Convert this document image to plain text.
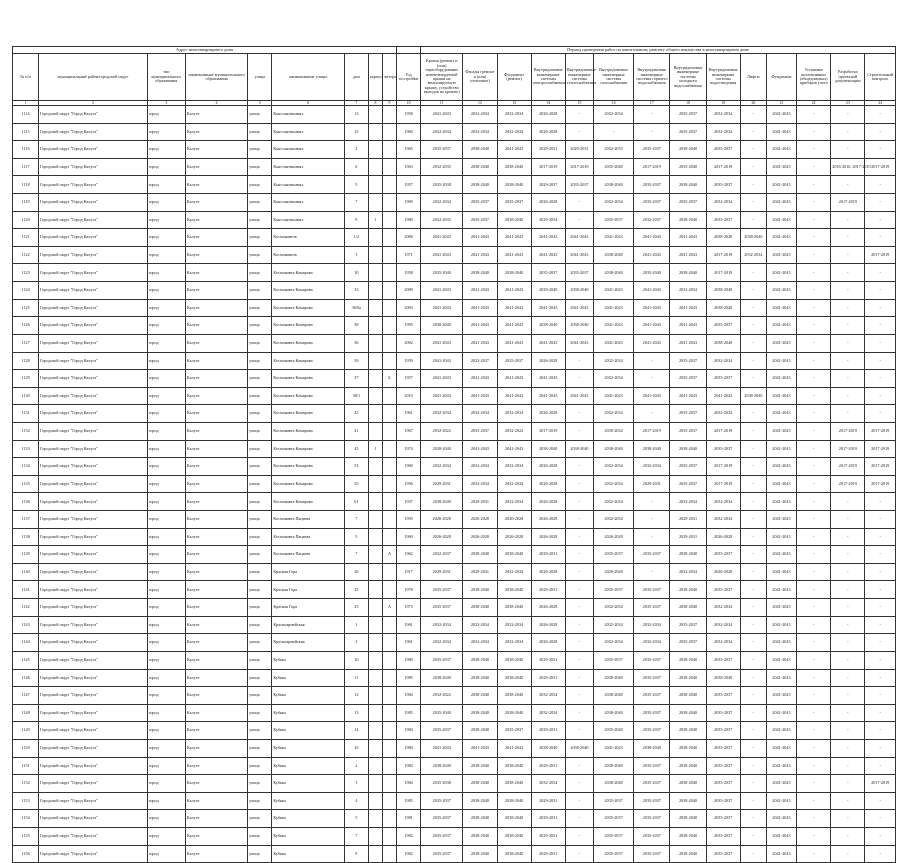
Адрес многоквартирного дома										Период проведения работ по капитальному ремонту общего имущества в многоквартирном доме													
№ п/п	муниципальный район/городской округ	тип муниципального образования	наименование муниципального образования	улица	наименование улицы	дом	корпус	литера	Год постройки	Кровля (ремонт и (или) переоборудование невентилируемой крыши на вентилируемую крышу, устройство выходов на кровлю)	Фасады (ремонт и (или) утепление)	Фундамент (ремонт)	Внутридомовые инженерные системы электроснабжения	Внутридомовые инженерные системы теплоснабжения	Внутридомовые инженерные системы газоснабжения	Внутридомовые инженерные системы горячего водоснабжения	Внутридомовые инженерные системы холодного водоснабжения	Внутридомовые инженерные системы водоотведения	Лифты	Фундамент	Установка коллективных (общедомовых) приборов учета	Разработка проектной документации	Строительный контроль
1	2	3	4	5	6	7	8	9	10	11	12	13	14	15	16	17	18	19	20	21	22	23	24
1114	Городской округ "Город Калуга"	город	Калуга	улица	Константиновых	13			1958	2041-2043	2032-2034	2032-2034	2026-2028	-	2032-2034	-	2035-2037	2032-2034	-	2041-2043	-	-	-
1115	Городской округ "Город Калуга"	город	Калуга	улица	Константиновых	15			1960	2032-2034	2032-2034	2032-2034	2026-2028	-	-	-	2035-2037	2032-2034	-	2041-2043	-	-	-
1116	Городской округ "Город Калуга"	город	Калуга	улица	Константиновых	2			1965	2035-2037	2038-2040	2041-2043	2029-2031	2029-2031	2032-2035	2035-2037	2038-2040	2035-2037	-	2041-2043	-	-	-
1117	Городской округ "Город Калуга"	город	Калуга	улица	Константиновых	6			1963	2032-2035	2038-2040	2038-2040	2017-2019	2017-2019	2035-2040	2017-2019	2035-2040	2017-2019	-	2041-2043	-	2016-2016, 2017-2019	2017-2019
1118	Городской округ "Город Калуга"	город	Калуга	улица	Константиновых	5			1957	2035-2038	2038-2040	2038-2040	2029-2037	2035-2037	2038-2040	2035-2037	2038-2040	2035-2037	-	2041-2043	-	-	-
1119	Городской округ "Город Калуга"	город	Калуга	улица	Константиновых	7			1969	2032-2034	2035-2037	2035-2037	2026-2028	-	2032-2034	2035-2037	2035-2037	2032-2034	-	2041-2043	-	2017-2019	-
1120	Городской округ "Город Калуга"	город	Калуга	улица	Константиновых	9	1		1980	2032-2035	2035-2037	2038-2040	2029-2034	-	2035-2037	2032-2037	2038-2040	2035-2037	-	2041-2043	-	-	-
1121	Городской округ "Город Калуга"	город	Калуга	улица	Космонавтов	1/2			2006	2041-2043	2041-2043	2041-2043	2041-2043	2041-2043	2041-2043	2041-2043	2041-2043	2038-2040	2038-2040	2041-2043	-	-	-
1122	Городской округ "Город Калуга"	город	Калуга	улица	Космонавтов	3			1971	2041-2043	2041-2043	2041-2043	2041-2043	2041-2043	2038-2040	2041-2043	2041-2043	2017-2019	2032-2034	2041-2043	-	-	2017-2019
1123	Городской округ "Город Калуга"	город	Калуга	улица	Космонавта Комарова	10			1958	2035-2040	2038-2040	2038-2040	2035-2037	2035-2037	2038-2040	2035-2040	2038-2040	2017-2019	-	2041-2043	-	-	-
1124	Городской округ "Город Калуга"	город	Калуга	улица	Космонавта Комарова	33			2009	2041-2043	2041-2043	2041-2043	2029-2040	2038-2040	2041-2043	2041-2043	2032-2034	2038-2040	-	2041-2043	-	-	-
1125	Городской округ "Город Калуга"	город	Калуга	улица	Космонавта Комарова	36/6а			2003	2041-2043	2041-2043	2041-2043	2041-2043	2041-2043	2041-2043	2041-2043	2041-2043	2038-2040	-	2041-2043	-	-	-
1126	Городской округ "Город Калуга"	город	Калуга	улица	Космонавта Комарова	38			1995	2038-2040	2041-2043	2041-2043	2038-2040	2038-2040	2041-2043	2041-2043	2041-2043	2035-2037	-	2041-2043	-	-	-
1127	Городской округ "Город Калуга"	город	Калуга	улица	Космонавта Комарова	36			2002	2041-2043	2041-2043	2041-2043	2041-2043	2041-2043	2041-2043	2041-2043	2041-2043	2038-2040	-	2041-2043	-	-	-
1128	Городской округ "Город Калуга"	город	Калуга	улица	Космонавта Комарова	39			1959	2041-2043	2032-2037	2035-2037	2026-2028	-	2032-2034	-	2035-2037	2032-2034	-	2041-2043	-	-	-
1129	Городской округ "Город Калуга"	город	Калуга	улица	Космонавта Комарова	37		Б	1957	2041-2043	2041-2043	2041-2043	2041-2043	-	2032-2034	-	2035-2037	2035-2037	-	2041-2043	-	-	-
1130	Городской округ "Город Калуга"	город	Калуга	улица	Космонавта Комарова	38/1			2010	2041-2043	2041-2043	2041-2043	2041-2043	2041-2043	2041-2043	2041-2043	2041-2043	2041-2043	2038-2040	2041-2043	-	-	-
1131	Городской округ "Город Калуга"	город	Калуга	улица	Космонавта Комарова	43			1961	2032-2034	2032-2034	2032-2034	2026-2028	-	2032-2034	-	2035-2037	2032-2034	-	2041-2043	-	-	-
1132	Городской округ "Город Калуга"	город	Калуга	улица	Космонавта Комарова	41			1967	2032-2022	2035-2037	2032-2022	2017-2019	-	2030-2032	2017-2019	2035-2037	2017-2019	-	2041-2043	-	2017-2019	2017-2019
1133	Городской округ "Город Калуга"	город	Калуга	улица	Космонавта Комарова	45	1		1974	2038-2040	2041-2043	2041-2043	2038-2040	2038-2040	2038-2040	2038-2040	2038-2040	2035-2037	-	2041-2043	-	2017-2019	2017-2019
1134	Городской округ "Город Калуга"	город	Калуга	улица	Космонавта Комарова	53			1960	2032-2034	2032-2034	2032-2034	2026-2028	-	2032-2034	2032-2034	2035-2037	2017-2019	-	2041-2043	-	2017-2019	2017-2019
1135	Городской округ "Город Калуга"	город	Калуга	улица	Космонавта Комарова	55			1956	2029-2031	2032-2034	2032-2034	2026-2028	-	2032-2034	2029-2031	2035-2037	2017-2019	-	2041-2043	-	2017-2019	2017-2019
1136	Городской округ "Город Калуга"	город	Калуга	улица	Космонавта Комарова	61			1937	2038-2040	2029-2031	2032-2034	2026-2028	-	2032-2034	-	2032-2034	2032-2034	-	2041-2043	-	-	-
1137	Городской округ "Город Калуга"	город	Калуга	улица	Космонавта Пацаева	7			1959	2026-2028	2026-2028	2026-2028	2026-2028	-	2032-2034	-	2029-2031	2032-2034	-	2041-2043	-	-	-
1138	Городской округ "Город Калуга"	город	Калуга	улица	Космонавта Пацаева	5			1960	2026-2028	2026-2028	2026-2028	2026-2028	-	2026-2028	-	2029-2031	2026-2028	-	2041-2043	-	-	-
1139	Городской округ "Город Калуга"	город	Калуга	улица	Космонавта Пацаева	7		А	1962	2032-2037	2038-2040	2038-2040	2029-2031	-	2035-2037	2035-2037	2038-2040	2035-2037	-	2041-2043	-	-	-
1140	Городской округ "Город Калуга"	город	Калуга	улица	Красная Гора	26			1917	2029-2031	2029-2031	2032-2034	2026-2028	-	2026-2028	-	2032-2034	2026-2028	-	2041-2043	-	-	-
1141	Городской округ "Город Калуга"	город	Калуга	улица	Красная Гора	25			1978	2035-2037	2038-2040	2038-2040	2029-2031	-	2035-2037	2035-2037	2038-2040	2035-2037	-	2041-2043	-	-	-
1142	Городской округ "Город Калуга"	город	Калуга	улица	Красная Гора	25		А	1975	2035-2037	2038-2040	2038-2040	2026-2028	-	2032-2034	2035-2037	2038-2040	2032-2034	-	2041-2043	-	-	-
1143	Городской округ "Город Калуга"	город	Калуга	улица	Красноармейская	1			1961	2032-2034	2032-2034	2032-2034	2026-2028	-	2032-2034	2032-2034	2035-2037	2032-2034	-	2041-2043	-	-	-
1144	Городской округ "Город Калуга"	город	Калуга	улица	Красноармейская	3			1961	2032-2034	2032-2034	2032-2034	2026-2028	-	2032-2034	2032-2034	2035-2037	2032-2034	-	2041-2043	-	-	-
1145	Городской округ "Город Калуга"	город	Калуга	улица	Кубяка	10			1980	2035-2037	2038-2040	2038-2040	2029-2031	-	2035-2037	2035-2037	2038-2040	2035-2037	-	2041-2043	-	-	-
1146	Городской округ "Город Калуга"	город	Калуга	улица	Кубяка	11			1985	2038-2040	2038-2040	2038-2040	2029-2031	-	2038-2040	2035-2037	2038-2040	2038-2040	-	2041-2043	-	-	-
1147	Городской округ "Город Калуга"	город	Калуга	улица	Кубяка	12			1984	2032-2022	2038-2040	2038-2040	2032-2034	-	2038-2040	2035-2037	2038-2040	2035-2037	-	2041-2043	-	-	-
1148	Городской округ "Город Калуга"	город	Калуга	улица	Кубяка	13			1985	2035-2040	2038-2040	2038-2040	2032-2034	-	2038-2040	2035-2037	2038-2040	2035-2037	-	2041-2043	-	-	-
1149	Городской округ "Город Калуга"	город	Калуга	улица	Кубяка	14			1984	2035-2037	2038-2040	2035-2037	2029-2031	-	2035-2040	2035-2037	2038-2040	2035-2037	-	2041-2043	-	-	-
1150	Городской округ "Город Калуга"	город	Калуга	улица	Кубяка	16			1984	2041-2043	2041-2043	2041-2043	2038-2040	2038-2040	2041-2043	2038-2040	2038-2040	2035-2037	-	2041-2043	-	-	-
1151	Городской округ "Город Калуга"	город	Калуга	улица	Кубяка	2			1984	2038-2040	2038-2040	2038-2040	2029-2031	-	2038-2040	2035-2037	2038-2040	2035-2037	-	2041-2043	-	-	-
1152	Городской округ "Город Калуга"	город	Калуга	улица	Кубяка	3			1984	2035-2038	2038-2040	2038-2040	2032-2034	-	2038-2040	2035-2037	2038-2040	2035-2037	-	2041-2043	-	-	2017-2019
1153	Городской округ "Город Калуга"	город	Калуга	улица	Кубяка	4			1985	2035-2037	2038-2040	2038-2040	2029-2031	-	2035-2037	2035-2037	2038-2040	2035-2037	-	2041-2043	-	-	-
1154	Городской округ "Город Калуга"	город	Калуга	улица	Кубяка	5			1981	2035-2037	2038-2040	2038-2040	2029-2031	-	2035-2037	2035-2037	2038-2040	2035-2037	-	2041-2043	-	-	-
1155	Городской округ "Город Калуга"	город	Калуга	улица	Кубяка	7			1982	2035-2037	2038-2040	2038-2040	2029-2031	-	2035-2037	2035-2037	2038-2040	2035-2037	-	2041-2043	-	-	-
1156	Городской округ "Город Калуга"	город	Калуга	улица	Кубяка	9			1982	2035-2037	2038-2040	2038-2040	2029-2031	-	2035-2037	2035-2037	2038-2040	2035-2037	-	2041-2043	-	-	-
